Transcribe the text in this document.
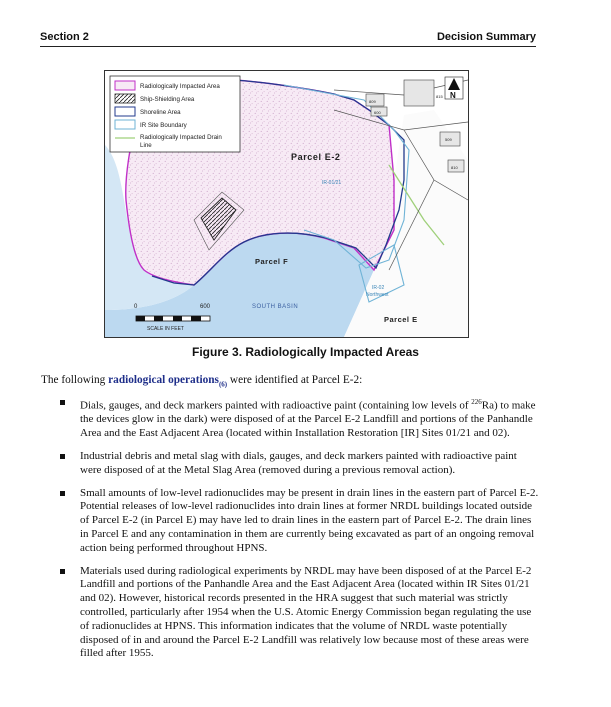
Section 2	Decision Summary
Radiologically Impacted Area
Ship-Shielding Area
Shoreline Area
IR Site Boundary
Radiologically Impacted Drain Line
N
Parcel E-2
Parcel F
Parcel E
SOUTH BASIN
IR-01/21
IR-02
Northwest
809
815
600
509
810
0	600
SCALE IN FEET
Figure 3. Radiologically Impacted Areas
The following radiological operations$_{(6)}$ were identified at Parcel E-2:
Dials, gauges, and deck markers painted with radioactive paint (containing low levels of $^{226}$Ra) to make the devices glow in the dark) were disposed of at the Parcel E-2 Landfill and portions of the Panhandle Area and the East Adjacent Area (located within Installation Restoration [IR] Sites 01/21 and 02).
Industrial debris and metal slag with dials, gauges, and deck markers painted with radioactive paint were disposed of at the Metal Slag Area (removed during a previous removal action).
Small amounts of low-level radionuclides may be present in drain lines in the eastern part of Parcel E-2. Potential releases of low-level radionuclides into drain lines at former NRDL buildings located outside of Parcel E-2 (in Parcel E) may have led to drain lines in the eastern part of Parcel E-2. The drain lines in Parcel E and any contamination in them are currently being excavated as part of an ongoing removal action being performed throughout HPNS.
Materials used during radiological experiments by NRDL may have been disposed of at the Parcel E-2 Landfill and portions of the Panhandle Area and the East Adjacent Area (located within IR Sites 01/21 and 02). However, historical records presented in the HRA suggest that such material was strictly controlled, particularly after 1954 when the U.S. Atomic Energy Commission began regulating the use of radionuclides at HPNS. This information indicates that the volume of NRDL waste potentially disposed of in and around the Parcel E-2 Landfill was relatively low because most of these areas were filled after 1955.
